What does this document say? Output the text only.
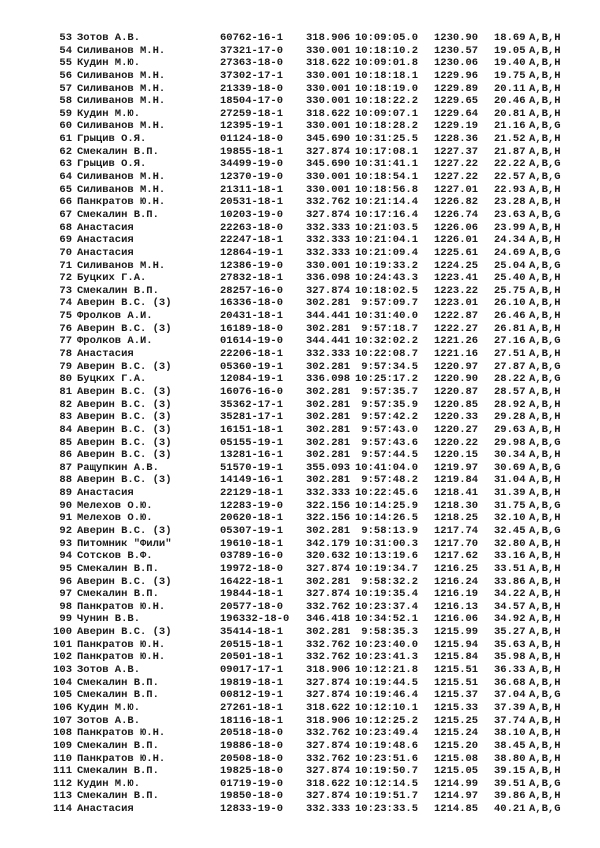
53 Зотов А.В.	60762-16-1 318.906 10:09:05.0 1230.90 18.69 A,B,H
54 Силиванов М.Н.	37321-17-0 330.001 10:18:10.2 1230.57 19.05 A,B,H
55 Кудин М.Ю.	27363-18-0 318.622 10:09:01.8 1230.06 19.40 A,B,H
56 Силиванов М.Н.	37302-17-1 330.001 10:18:18.1 1229.96 19.75 A,B,H
57 Силиванов М.Н.	21339-18-0 330.001 10:18:19.0 1229.89 20.11 A,B,H
58 Силиванов М.Н.	18504-17-0 330.001 10:18:22.2 1229.65 20.46 A,B,H
59 Кудин М.Ю.	27259-18-1 318.622 10:09:07.1 1229.64 20.81 A,B,H
60 Силиванов М.Н.	12395-19-1 330.001 10:18:28.2 1229.19 21.16 A,B,G
61 Грыцив О.Я.	01124-18-0 345.690 10:31:25.5 1228.36 21.52 A,B,H
62 Смекалин В.П.	19855-18-1 327.874 10:17:08.1 1227.37 21.87 A,B,H
63 Грыцив О.Я.	34499-19-0 345.690 10:31:41.1 1227.22 22.22 A,B,G
64 Силиванов М.Н.	12370-19-0 330.001 10:18:54.1 1227.22 22.57 A,B,G
65 Силиванов М.Н.	21311-18-1 330.001 10:18:56.8 1227.01 22.93 A,B,H
66 Панкратов Ю.Н.	20531-18-1 332.762 10:21:14.4 1226.82 23.28 A,B,H
67 Смекалин В.П.	10203-19-0 327.874 10:17:16.4 1226.74 23.63 A,B,G
68 Анастасия	22263-18-0 332.333 10:21:03.5 1226.06 23.99 A,B,H
69 Анастасия	22247-18-1 332.333 10:21:04.1 1226.01 24.34 A,B,H
70 Анастасия	12864-19-1 332.333 10:21:09.4 1225.61 24.69 A,B,G
71 Силиванов М.Н.	12386-19-0 330.001 10:19:33.2 1224.25 25.04 A,B,G
72 Буцких Г.А.	27832-18-1 336.098 10:24:43.3 1223.41 25.40 A,B,H
73 Смекалин В.П.	28257-16-0 327.874 10:18:02.5 1223.22 25.75 A,B,H
74 Аверин В.С. (3)	16336-18-0 302.281 9:57:09.7 1223.01 26.10 A,B,H
75 Фролков А.И.	20431-18-1 344.441 10:31:40.0 1222.87 26.46 A,B,H
76 Аверин В.С. (3)	16189-18-0 302.281 9:57:18.7 1222.27 26.81 A,B,H
77 Фролков А.И.	01614-19-0 344.441 10:32:02.2 1221.26 27.16 A,B,G
78 Анастасия	22206-18-1 332.333 10:22:08.7 1221.16 27.51 A,B,H
79 Аверин В.С. (3)	05360-19-1 302.281 9:57:34.5 1220.97 27.87 A,B,G
80 Буцких Г.А.	12084-19-1 336.098 10:25:17.2 1220.90 28.22 A,B,G
81 Аверин В.С. (3)	16076-16-0 302.281 9:57:35.7 1220.87 28.57 A,B,H
82 Аверин В.С. (3)	35362-17-1 302.281 9:57:35.9 1220.85 28.92 A,B,H
83 Аверин В.С. (3)	35281-17-1 302.281 9:57:42.2 1220.33 29.28 A,B,H
84 Аверин В.С. (3)	16151-18-1 302.281 9:57:43.0 1220.27 29.63 A,B,H
85 Аверин В.С. (3)	05155-19-1 302.281 9:57:43.6 1220.22 29.98 A,B,G
86 Аверин В.С. (3)	13281-16-1 302.281 9:57:44.5 1220.15 30.34 A,B,H
87 Ращупкин А.В.	51570-19-1 355.093 10:41:04.0 1219.97 30.69 A,B,G
88 Аверин В.С. (3)	14149-16-1 302.281 9:57:48.2 1219.84 31.04 A,B,H
89 Анастасия	22129-18-1 332.333 10:22:45.6 1218.41 31.39 A,B,H
90 Мелехов О.Ю.	12283-19-0 322.156 10:14:25.9 1218.30 31.75 A,B,G
91 Мелехов О.Ю.	20620-18-1 322.156 10:14:26.5 1218.25 32.10 A,B,H
92 Аверин В.С. (3)	05307-19-1 302.281 9:58:13.9 1217.74 32.45 A,B,G
93 Питомник "Фили"	19610-18-1 342.179 10:31:00.3 1217.70 32.80 A,B,H
94 Сотсков В.Ф.	03789-16-0 320.632 10:13:19.6 1217.62 33.16 A,B,H
95 Смекалин В.П.	19972-18-0 327.874 10:19:34.7 1216.25 33.51 A,B,H
96 Аверин В.С. (3)	16422-18-1 302.281 9:58:32.2 1216.24 33.86 A,B,H
97 Смекалин В.П.	19844-18-1 327.874 10:19:35.4 1216.19 34.22 A,B,H
98 Панкратов Ю.Н.	20577-18-0 332.762 10:23:37.4 1216.13 34.57 A,B,H
99 Чунин В.В.	196332-18-0 346.418 10:34:52.1 1216.06 34.92 A,B,H
100 Аверин В.С. (3)	35414-18-1 302.281 9:58:35.3 1215.99 35.27 A,B,H
101 Панкратов Ю.Н.	20515-18-1 332.762 10:23:40.0 1215.94 35.63 A,B,H
102 Панкратов Ю.Н.	20501-18-1 332.762 10:23:41.3 1215.84 35.98 A,B,H
103 Зотов А.В.	09017-17-1 318.906 10:12:21.8 1215.51 36.33 A,B,H
104 Смекалин В.П.	19819-18-1 327.874 10:19:44.5 1215.51 36.68 A,B,H
105 Смекалин В.П.	00812-19-1 327.874 10:19:46.4 1215.37 37.04 A,B,G
106 Кудин М.Ю.	27261-18-1 318.622 10:12:10.1 1215.33 37.39 A,B,H
107 Зотов А.В.	18116-18-1 318.906 10:12:25.2 1215.25 37.74 A,B,H
108 Панкратов Ю.Н.	20518-18-0 332.762 10:23:49.4 1215.24 38.10 A,B,H
109 Смекалин В.П.	19886-18-0 327.874 10:19:48.6 1215.20 38.45 A,B,H
110 Панкратов Ю.Н.	20508-18-0 332.762 10:23:51.6 1215.08 38.80 A,B,H
111 Смекалин В.П.	19825-18-0 327.874 10:19:50.7 1215.05 39.15 A,B,H
112 Кудин М.Ю.	01719-19-0 318.622 10:12:14.5 1214.99 39.51 A,B,G
113 Смекалин В.П.	19850-18-0 327.874 10:19:51.7 1214.97 39.86 A,B,H
114 Анастасия	12833-19-0 332.333 10:23:33.5 1214.85 40.21 A,B,G
